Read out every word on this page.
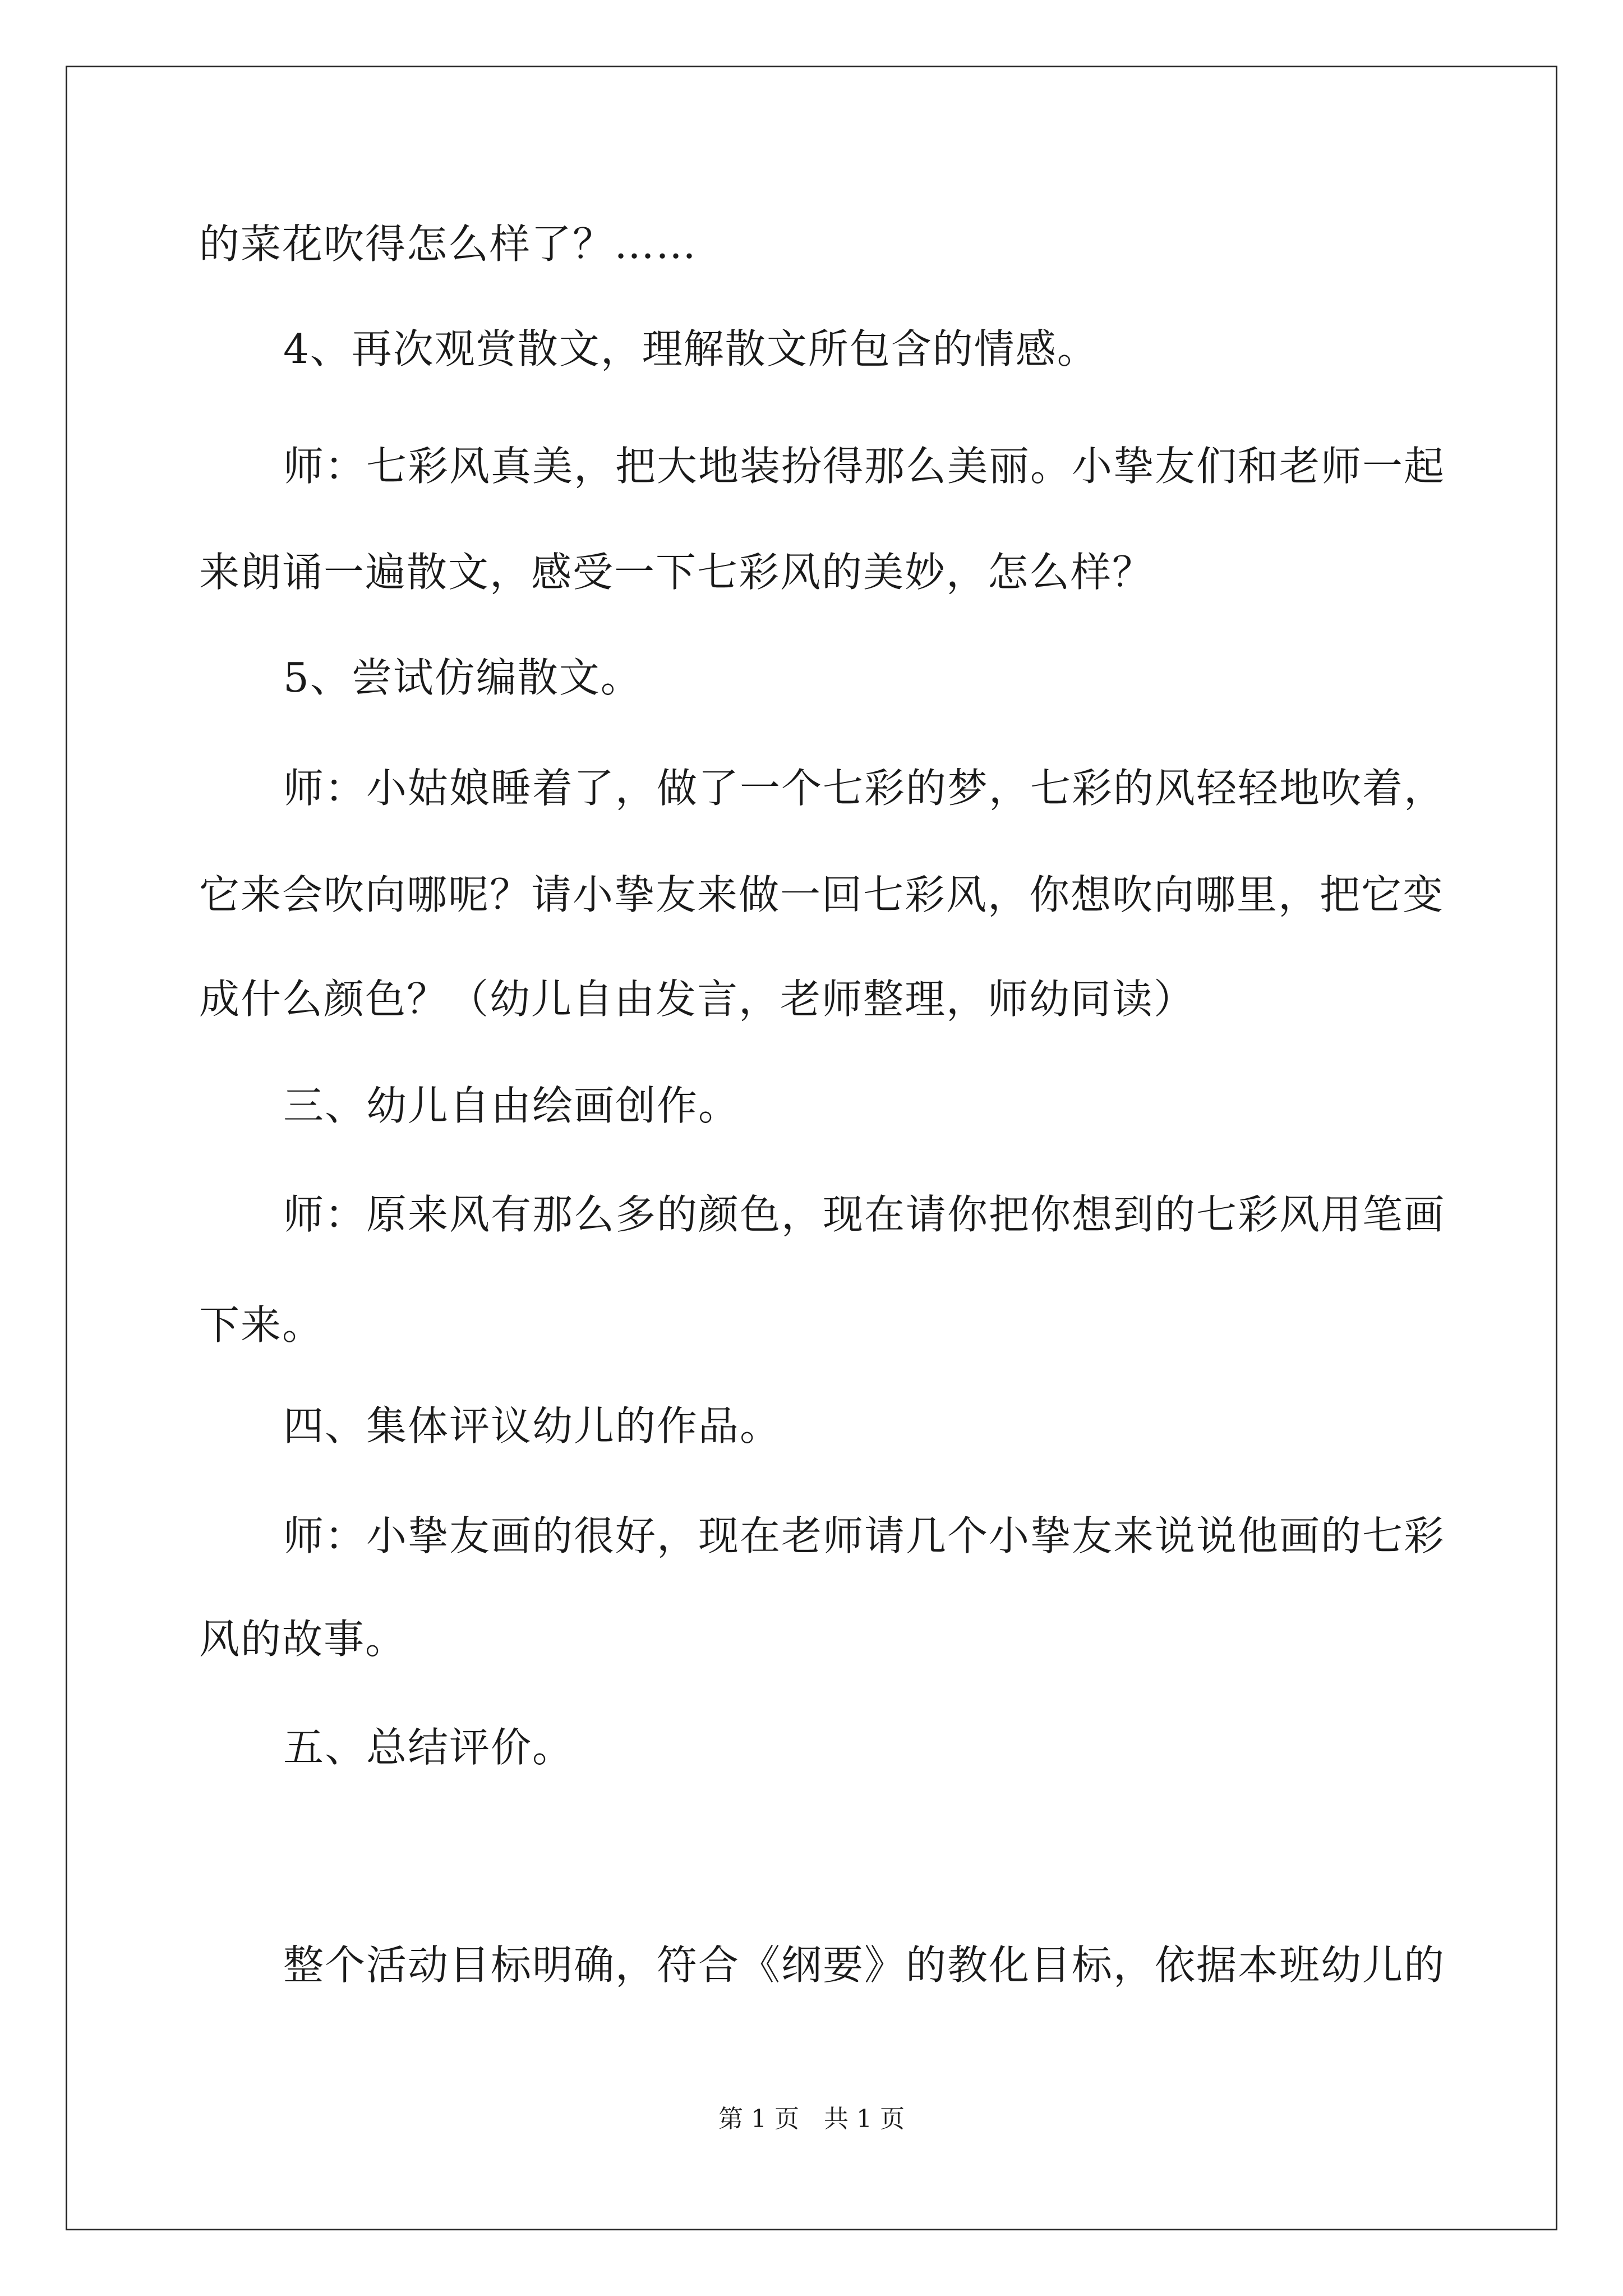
的菜花吹得怎么样了？……
4、再次观赏散文，理解散文所包含的情感。
师：七彩风真美，把大地装扮得那么美丽。小挚友们和老师一起
来朗诵一遍散文，感受一下七彩风的美妙，怎么样？
5、尝试仿编散文。
师：小姑娘睡着了，做了一个七彩的梦，七彩的风轻轻地吹着，
它来会吹向哪呢？请小挚友来做一回七彩风，你想吹向哪里，把它变
成什么颜色？（幼儿自由发言，老师整理，师幼同读）
三、幼儿自由绘画创作。
师：原来风有那么多的颜色，现在请你把你想到的七彩风用笔画
下来。
四、集体评议幼儿的作品。
师：小挚友画的很好，现在老师请几个小挚友来说说他画的七彩
风的故事。
五、总结评价。
整个活动目标明确，符合《纲要》的教化目标，依据本班幼儿的
第 1 页　共 1 页
